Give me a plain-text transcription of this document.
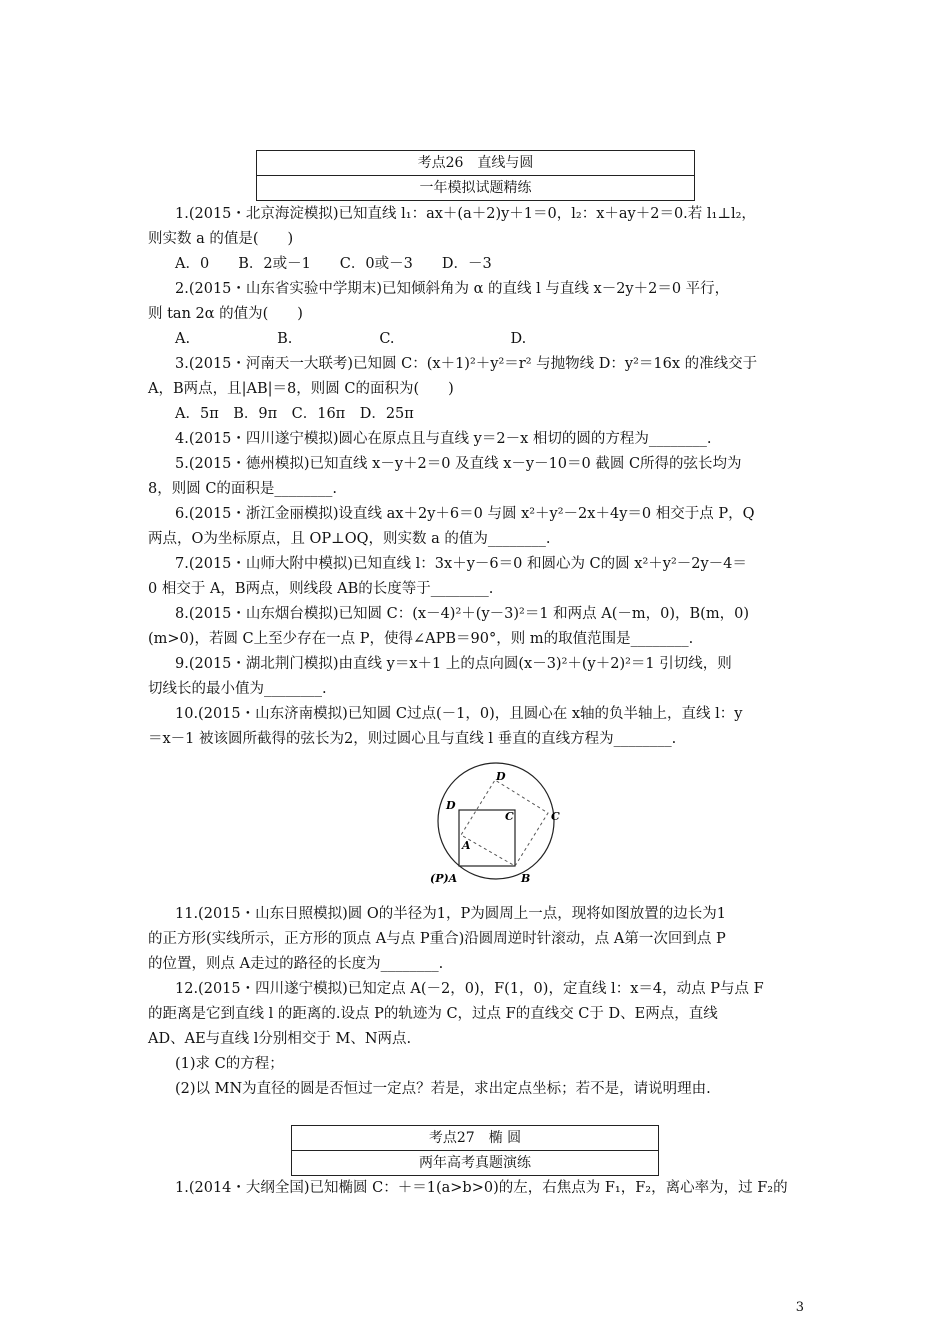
考点26　直线与圆
一年模拟试题精练
1.(2015・北京海淀模拟)已知直线 l₁：ax＋(a＋2)y＋1＝0，l₂：x＋ay＋2＝0.若 l₁⊥l₂，
则实数 a 的值是(　　)
A．0　　B．2或－1　　C．0或－3　　D．－3
2.(2015・山东省实验中学期末)已知倾斜角为 α 的直线 l 与直线 x－2y＋2＝0 平行，
则 tan 2α 的值为(　　)
A.　　　　　　B.　　　　　　C.　　　　　　　　D.
3.(2015・河南天一大联考)已知圆 C：(x＋1)²＋y²＝r² 与抛物线 D：y²＝16x 的准线交于
A，B两点，且|AB|＝8，则圆 C的面积为(　　)
A．5π　B．9π　C．16π　D．25π
4.(2015・四川遂宁模拟)圆心在原点且与直线 y＝2－x 相切的圆的方程为________.
5.(2015・德州模拟)已知直线 x－y＋2＝0 及直线 x－y－10＝0 截圆 C所得的弦长均为
8，则圆 C的面积是________.
6.(2015・浙江金丽模拟)设直线 ax＋2y＋6＝0 与圆 x²＋y²－2x＋4y＝0 相交于点 P，Q
两点，O为坐标原点，且 OP⊥OQ，则实数 a 的值为________.
7.(2015・山师大附中模拟)已知直线 l：3x＋y－6＝0 和圆心为 C的圆 x²＋y²－2y－4＝
0 相交于 A，B两点，则线段 AB的长度等于________.
8.(2015・山东烟台模拟)已知圆 C：(x－4)²＋(y－3)²＝1 和两点 A(－m，0)，B(m，0)
(m>0)，若圆 C上至少存在一点 P，使得∠APB＝90°，则 m的取值范围是________.
9.(2015・湖北荆门模拟)由直线 y＝x＋1 上的点向圆(x－3)²＋(y＋2)²＝1 引切线，则
切线长的最小值为________.
10.(2015・山东济南模拟)已知圆 C过点(－1，0)，且圆心在 x轴的负半轴上，直线 l：y
＝x－1 被该圆所截得的弦长为2，则过圆心且与直线 l 垂直的直线方程为________.
D
D
C	C
A
(P)A	B
11.(2015・山东日照模拟)圆 O的半径为1，P为圆周上一点，现将如图放置的边长为1
的正方形(实线所示，正方形的顶点 A与点 P重合)沿圆周逆时针滚动，点 A第一次回到点 P
的位置，则点 A走过的路径的长度为________.
12.(2015・四川遂宁模拟)已知定点 A(－2，0)，F(1，0)，定直线 l：x＝4，动点 P与点 F
的距离是它到直线 l 的距离的.设点 P的轨迹为 C，过点 F的直线交 C于 D、E两点，直线
AD、AE与直线 l分别相交于 M、N两点.
(1)求 C的方程；
(2)以 MN为直径的圆是否恒过一定点？若是，求出定点坐标；若不是，请说明理由.
考点27　椭 圆
两年高考真题演练
1.(2014・大纲全国)已知椭圆 C：＋＝1(a>b>0)的左，右焦点为 F₁，F₂，离心率为，过 F₂的
3
